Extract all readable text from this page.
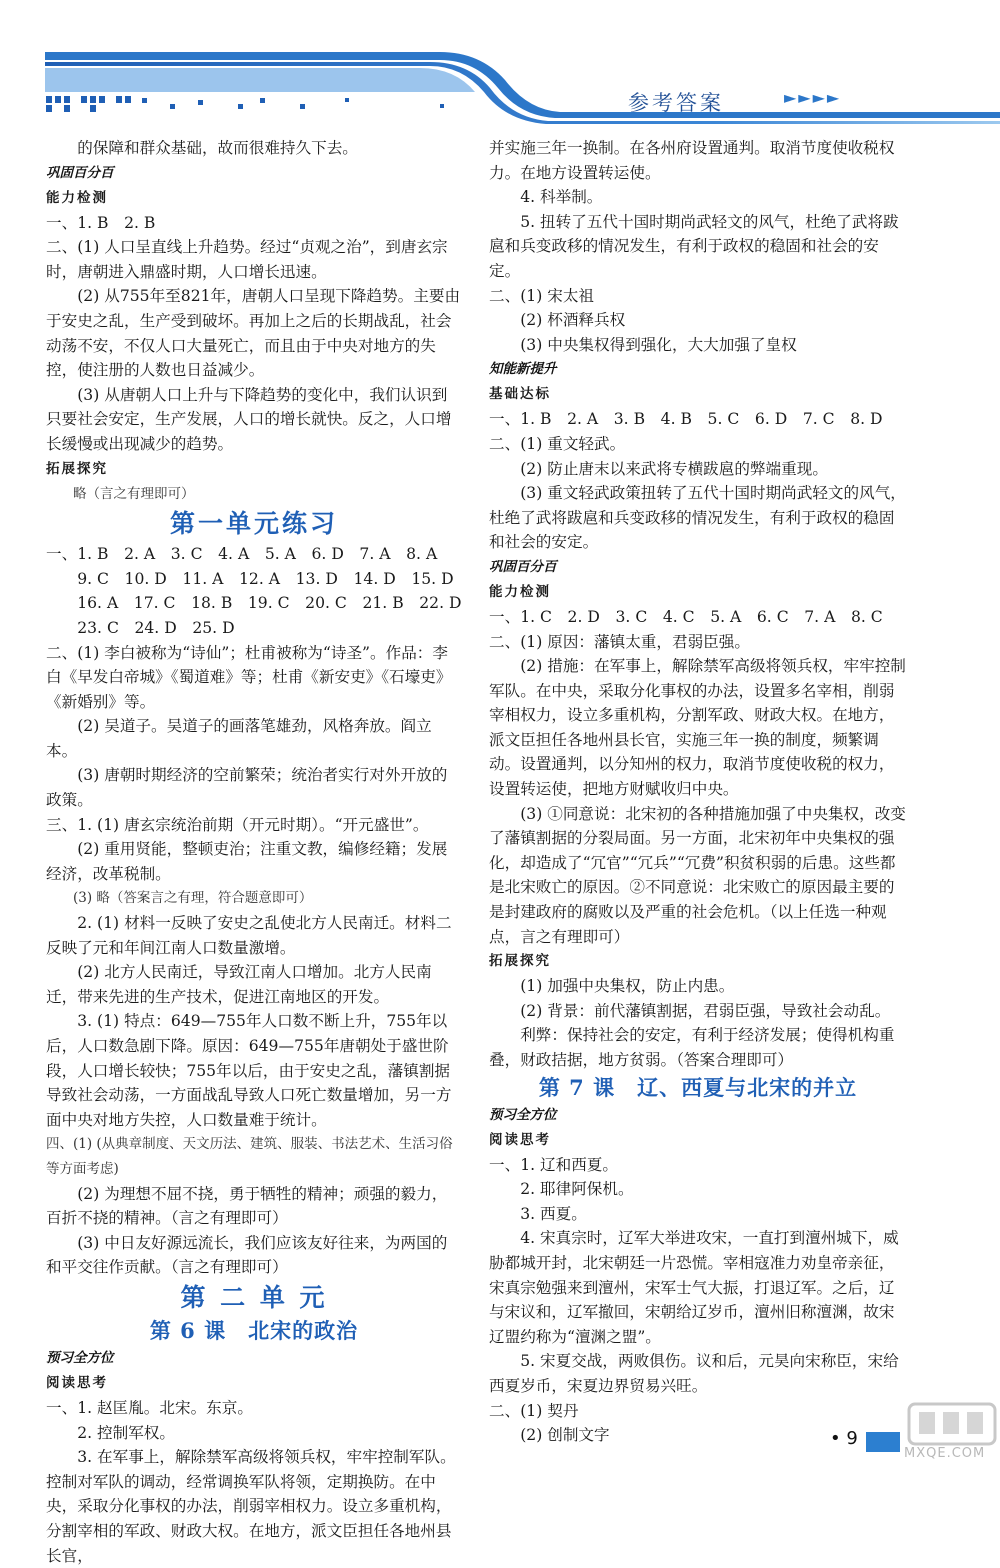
参考答案	►►►►

的保障和群众基础，故而很难持久下去。

巩固百分百

能力检测

一、1. B　2. B

二、(1) 人口呈直线上升趋势。经过“贞观之治”，到唐玄宗时，唐朝进入鼎盛时期，人口增长迅速。

(2) 从755年至821年，唐朝人口呈现下降趋势。主要由于安史之乱，生产受到破坏。再加上之后的长期战乱，社会动荡不安，不仅人口大量死亡，而且由于中央对地方的失控，使注册的人数也日益减少。

(3) 从唐朝人口上升与下降趋势的变化中，我们认识到只要社会安定，生产发展，人口的增长就快。反之，人口增长缓慢或出现减少的趋势。

拓展探究

略（言之有理即可）

第一单元练习

一、1. B　2. A　3. C　4. A　5. A　6. D　7. A　8. A

9. C　10. D　11. A　12. A　13. D　14. D　15. D

16. A　17. C　18. B　19. C　20. C　21. B　22. D

23. C　24. D　25. D

二、(1) 李白被称为“诗仙”；杜甫被称为“诗圣”。作品：李白《早发白帝城》《蜀道难》等；杜甫《新安吏》《石壕吏》《新婚别》等。

(2) 吴道子。吴道子的画落笔雄劲，风格奔放。阎立本。

(3) 唐朝时期经济的空前繁荣；统治者实行对外开放的政策。

三、1. (1) 唐玄宗统治前期（开元时期）。“开元盛世”。

(2) 重用贤能，整顿吏治；注重文教，编修经籍；发展经济，改革税制。

(3) 略（答案言之有理，符合题意即可）

2. (1) 材料一反映了安史之乱使北方人民南迁。材料二反映了元和年间江南人口数量激增。

(2) 北方人民南迁，导致江南人口增加。北方人民南迁，带来先进的生产技术，促进江南地区的开发。

3. (1) 特点：649—755年人口数不断上升，755年以后，人口数急剧下降。原因：649—755年唐朝处于盛世阶段，人口增长较快；755年以后，由于安史之乱，藩镇割据导致社会动荡，一方面战乱导致人口死亡数量增加，另一方面中央对地方失控，人口数量难于统计。

四、(1) (从典章制度、天文历法、建筑、服装、书法艺术、生活习俗等方面考虑)

(2) 为理想不屈不挠，勇于牺牲的精神；顽强的毅力，百折不挠的精神。（言之有理即可）

(3) 中日友好源远流长，我们应该友好往来，为两国的和平交往作贡献。（言之有理即可）

第 二 单 元

第 6 课　北宋的政治

预习全方位

阅读思考

一、1. 赵匡胤。北宋。东京。

2. 控制军权。

3. 在军事上，解除禁军高级将领兵权，牢牢控制军队。控制对军队的调动，经常调换军队将领，定期换防。在中央，采取分化事权的办法，削弱宰相权力。设立多重机构，分割宰相的军政、财政大权。在地方，派文臣担任各地州县长官，

并实施三年一换制。在各州府设置通判。取消节度使收税权力。在地方设置转运使。

4. 科举制。

5. 扭转了五代十国时期尚武轻文的风气，杜绝了武将跋扈和兵变政移的情况发生，有利于政权的稳固和社会的安定。

二、(1) 宋太祖

(2) 杯酒释兵权

(3) 中央集权得到强化，大大加强了皇权

知能新提升

基础达标

一、1. B　2. A　3. B　4. B　5. C　6. D　7. C　8. D

二、(1) 重文轻武。

(2) 防止唐末以来武将专横跋扈的弊端重现。

(3) 重文轻武政策扭转了五代十国时期尚武轻文的风气，杜绝了武将跋扈和兵变政移的情况发生，有利于政权的稳固和社会的安定。

巩固百分百

能力检测

一、1. C　2. D　3. C　4. C　5. A　6. C　7. A　8. C

二、(1) 原因：藩镇太重，君弱臣强。

(2) 措施：在军事上，解除禁军高级将领兵权，牢牢控制军队。在中央，采取分化事权的办法，设置多名宰相，削弱宰相权力，设立多重机构，分割军政、财政大权。在地方，派文臣担任各地州县长官，实施三年一换的制度，频繁调动。设置通判，以分知州的权力，取消节度使收税的权力，设置转运使，把地方财赋收归中央。

(3) ①同意说：北宋初的各种措施加强了中央集权，改变了藩镇割据的分裂局面。另一方面，北宋初年中央集权的强化，却造成了“冗官”“冗兵”“冗费”积贫积弱的后患。这些都是北宋败亡的原因。②不同意说：北宋败亡的原因最主要的是封建政府的腐败以及严重的社会危机。（以上任选一种观点，言之有理即可）

拓展探究

(1) 加强中央集权，防止内患。

(2) 背景：前代藩镇割据，君弱臣强，导致社会动乱。

利弊：保持社会的安定，有利于经济发展；使得机构重叠，财政拮据，地方贫弱。（答案合理即可）

第 7 课　辽、西夏与北宋的并立

预习全方位

阅读思考

一、1. 辽和西夏。

2. 耶律阿保机。

3. 西夏。

4. 宋真宗时，辽军大举进攻宋，一直打到澶州城下，威胁都城开封，北宋朝廷一片恐慌。宰相寇准力劝皇帝亲征，宋真宗勉强来到澶州，宋军士气大振，打退辽军。之后，辽与宋议和，辽军撤回，宋朝给辽岁币，澶州旧称澶渊，故宋辽盟约称为“澶渊之盟”。

5. 宋夏交战，两败俱伤。议和后，元昊向宋称臣，宋给西夏岁币，宋夏边界贸易兴旺。

二、(1) 契丹

(2) 创制文字	• 9
MXQE.COM
